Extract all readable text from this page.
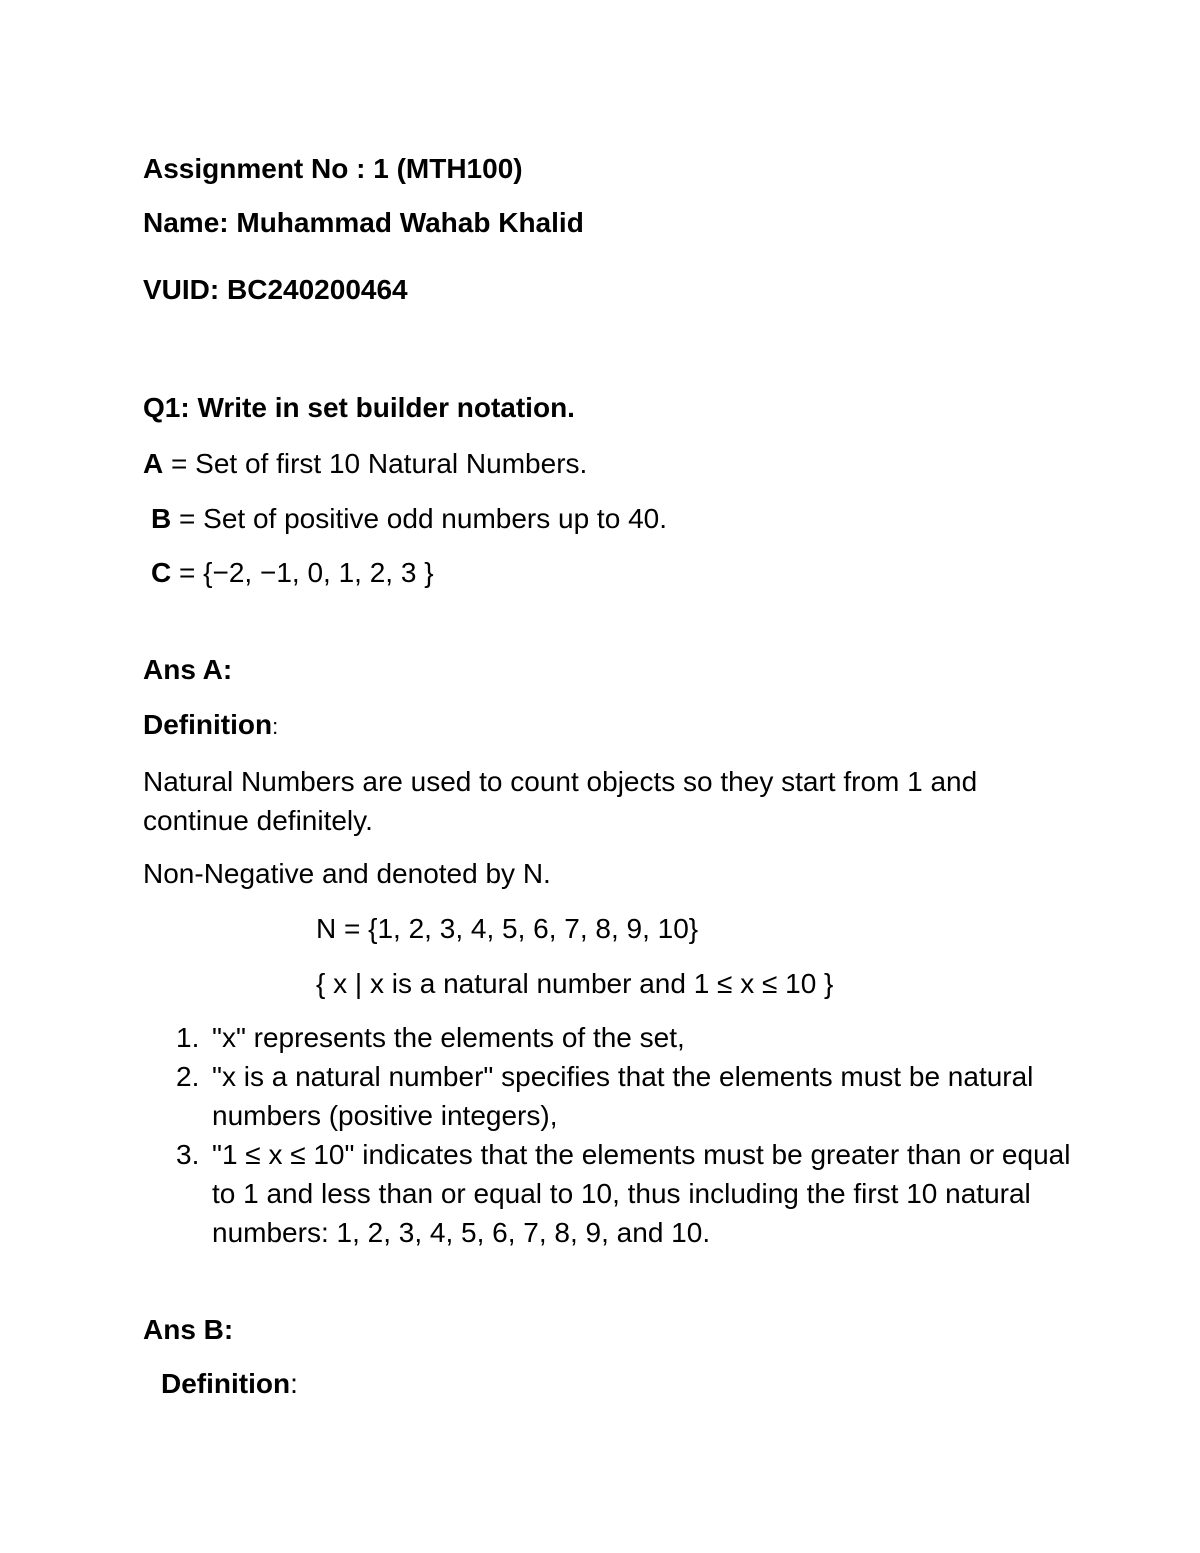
Assignment No : 1 (MTH100)
Name: Muhammad Wahab Khalid
VUID: BC240200464
Q1: Write in set builder notation.
A = Set of first 10 Natural Numbers.
B = Set of positive odd numbers up to 40.
C = {−2, −1, 0, 1, 2, 3 }
Ans A:
Definition:
Natural Numbers are used to count objects so they start from 1 and continue definitely.
Non-Negative and denoted by N.
N = {1, 2, 3, 4, 5, 6, 7, 8, 9, 10}
{ x | x is a natural number and 1 ≤ x ≤ 10 }
1. "x" represents the elements of the set,
2. "x is a natural number" specifies that the elements must be natural numbers (positive integers),
3. "1 ≤ x ≤ 10" indicates that the elements must be greater than or equal to 1 and less than or equal to 10, thus including the first 10 natural numbers: 1, 2, 3, 4, 5, 6, 7, 8, 9, and 10.
Ans B:
Definition:
